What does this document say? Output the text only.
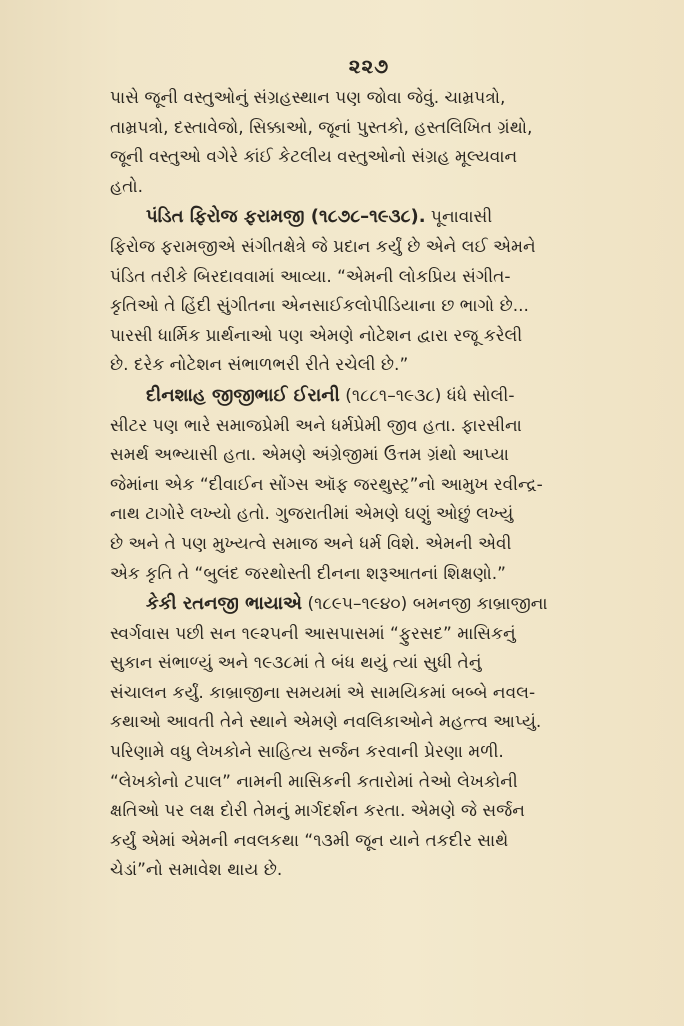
૨૨૭
પાસે જૂની વસ્તુઓનું સંગ્રહસ્થાન પણ જોવા જેવું. ચામ્રપત્રો,
તામ્રપત્રો, દસ્તાવેજો, સિક્કાઓ, જૂનાં પુસ્તકો, હસ્તલિખિત ગ્રંથો,
જૂની વસ્તુઓ વગેરે કાંઈ કેટલીય વસ્તુઓનો સંગ્રહ મૂલ્યવાન
હતો.
પંડિત ફિરોજ ફરામજી (૧૮૭૮–૧૯૩૮). પૂનાવાસી
ફિરોજ ફરામજીએ સંગીતક્ષેત્રે જે પ્રદાન કર્યું છે એને લઈ એમને
પંડિત તરીકે બિરદાવવામાં આવ્યા. “એમની લોકપ્રિય સંગીત-
કૃતિઓ તે હિંદી સુંગીતના એનસાઈકલોપીડિયાના છ ભાગો છે...
પારસી ધાર્મિક પ્રાર્થનાઓ પણ એમણે નોટેશન દ્વારા રજૂ કરેલી
છે. દરેક નોટેશન સંભાળભરી રીતે રચેલી છે.”
દીનશાહ જીજીભાઈ ઈરાની (૧૮૮૧–૧૯૩૮) ધંધે સોલી-
સીટર પણ ભારે સમાજપ્રેમી અને ધર્મપ્રેમી જીવ હતા. ફારસીના
સમર્થ અભ્યાસી હતા. એમણે અંગ્રેજીમાં ઉત્તમ ગ્રંથો આપ્યા
જેમાંના એક “દીવાઈન સોંગ્સ ઑફ જરથુસ્ટ્ર”નો આમુખ રવીન્દ્ર-
નાથ ટાગોરે લખ્યો હતો. ગુજરાતીમાં એમણે ઘણું ઓછું લખ્યું
છે અને તે પણ મુખ્યત્વે સમાજ અને ધર્મ વિશે. એમની એવી
એક કૃતિ તે “બુલંદ જરથોસ્તી દીનના શરૂઆતનાં શિક્ષણો.”
કેકી રતનજી ભાયાએ (૧૮૯૫–૧૯૪૦) બમનજી કાબ્રાજીના
સ્વર્ગવાસ પછી સન ૧૯૨૫ની આસપાસમાં “ફુરસદ” માસિકનું
સુકાન સંભાળ્યું અને ૧૯૩૮માં તે બંધ થયું ત્યાં સુધી તેનું
સંચાલન કર્યું. કાબ્રાજીના સમયમાં એ સામયિકમાં બબ્બે નવલ-
કથાઓ આવતી તેને સ્થાને એમણે નવલિકાઓને મહત્ત્વ આપ્યું.
પરિણામે વધુ લેખકોને સાહિત્ય સર્જન કરવાની પ્રેરણા મળી.
“લેખકોનો ટપાલ” નામની માસિકની કતારોમાં તેઓ લેખકોની
ક્ષતિઓ પર લક્ષ દોરી તેમનું માર્ગદર્શન કરતા. એમણે જે સર્જન
કર્યું એમાં એમની નવલકથા “૧૩મી જૂન યાને તકદીર સાથે
ચેડાં”નો સમાવેશ થાય છે.
